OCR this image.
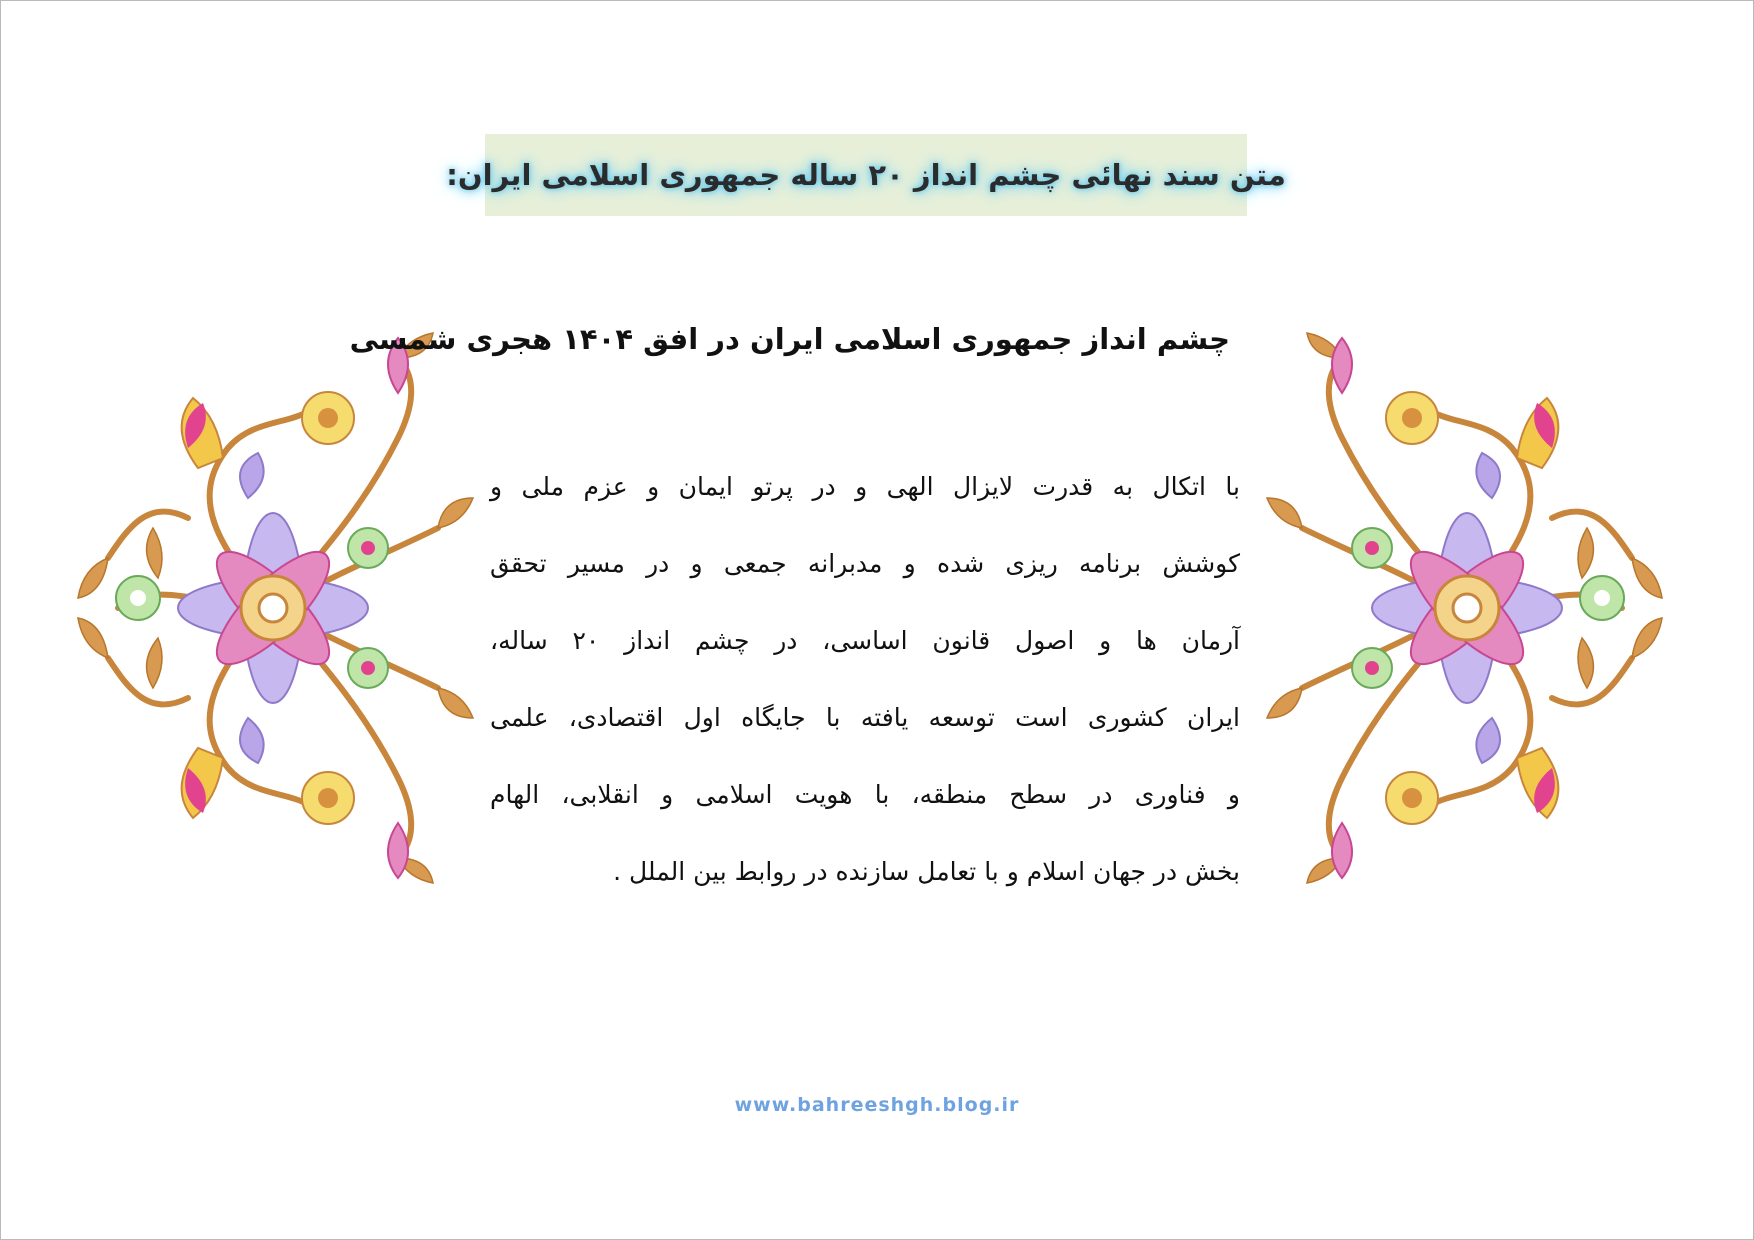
متن سند نهائی چشم انداز ۲۰ ساله جمهوری اسلامی ایران:
چشم انداز جمهوری اسلامی ایران در افق ۱۴۰۴ هجری شمسی
با اتکال به قدرت لایزال الهی و در پرتو ایمان و عزم ملی و
کوشش برنامه ریزی شده و مدبرانه جمعی و در مسیر تحقق
آرمان ها و اصول قانون اساسی، در چشم انداز ۲۰ ساله،
ایران کشوری است توسعه یافته با جایگاه اول اقتصادی، علمی
و فناوری در سطح منطقه، با هویت اسلامی و انقلابی، الهام
بخش در جهان اسلام و با تعامل سازنده در روابط بین الملل .
www.bahreeshgh.blog.ir
